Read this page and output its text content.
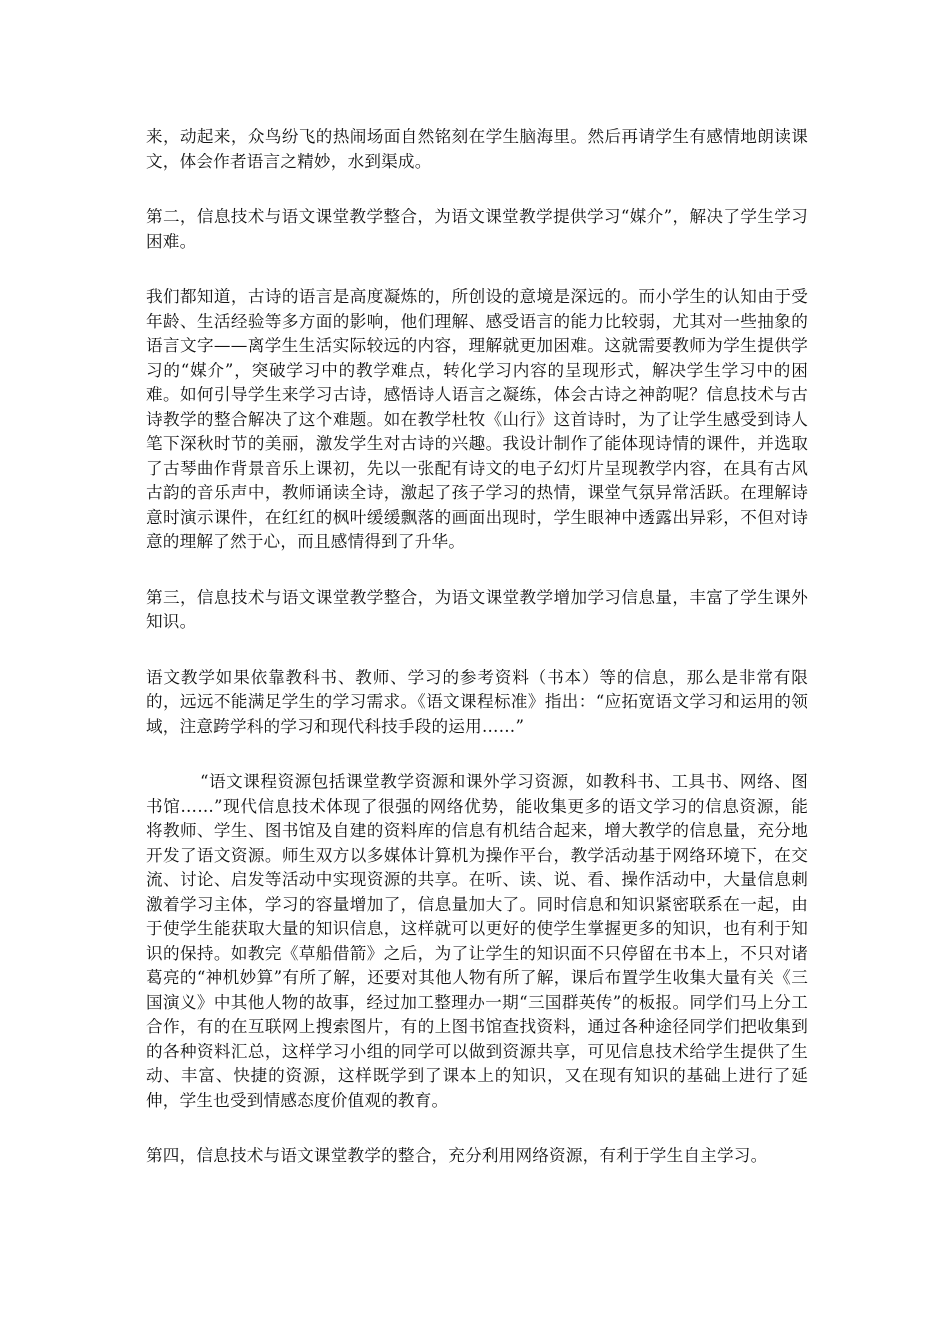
来，动起来，众鸟纷飞的热闹场面自然铭刻在学生脑海里。然后再请学生有感情地朗读课文，体会作者语言之精妙，水到渠成。

第二，信息技术与语文课堂教学整合，为语文课堂教学提供学习“媒介”，解决了学生学习困难。

我们都知道，古诗的语言是高度凝炼的，所创设的意境是深远的。而小学生的认知由于受年龄、生活经验等多方面的影响，他们理解、感受语言的能力比较弱，尤其对一些抽象的语言文字——离学生生活实际较远的内容，理解就更加困难。这就需要教师为学生提供学习的“媒介”，突破学习中的教学难点，转化学习内容的呈现形式，解决学生学习中的困难。如何引导学生来学习古诗，感悟诗人语言之凝练，体会古诗之神韵呢？信息技术与古诗教学的整合解决了这个难题。如在教学杜牧《山行》这首诗时，为了让学生感受到诗人笔下深秋时节的美丽，激发学生对古诗的兴趣。我设计制作了能体现诗情的课件，并选取了古琴曲作背景音乐上课初，先以一张配有诗文的电子幻灯片呈现教学内容，在具有古风古韵的音乐声中，教师诵读全诗，激起了孩子学习的热情，课堂气氛异常活跃。在理解诗意时演示课件，在红红的枫叶缓缓飘落的画面出现时，学生眼神中透露出异彩，不但对诗意的理解了然于心，而且感情得到了升华。

第三，信息技术与语文课堂教学整合，为语文课堂教学增加学习信息量，丰富了学生课外知识。

语文教学如果依靠教科书、教师、学习的参考资料（书本）等的信息，那么是非常有限的，远远不能满足学生的学习需求。《语文课程标准》指出：“应拓宽语文学习和运用的领域，注意跨学科的学习和现代科技手段的运用……”

“语文课程资源包括课堂教学资源和课外学习资源，如教科书、工具书、网络、图书馆……”现代信息技术体现了很强的网络优势，能收集更多的语文学习的信息资源，能将教师、学生、图书馆及自建的资料库的信息有机结合起来，增大教学的信息量，充分地开发了语文资源。师生双方以多媒体计算机为操作平台，教学活动基于网络环境下，在交流、讨论、启发等活动中实现资源的共享。在听、读、说、看、操作活动中，大量信息刺激着学习主体，学习的容量增加了，信息量加大了。同时信息和知识紧密联系在一起，由于使学生能获取大量的知识信息，这样就可以更好的使学生掌握更多的知识，也有利于知识的保持。如教完《草船借箭》之后，为了让学生的知识面不只停留在书本上，不只对诸葛亮的“神机妙算”有所了解，还要对其他人物有所了解，课后布置学生收集大量有关《三国演义》中其他人物的故事，经过加工整理办一期“三国群英传”的板报。同学们马上分工合作，有的在互联网上搜索图片，有的上图书馆查找资料，通过各种途径同学们把收集到的各种资料汇总，这样学习小组的同学可以做到资源共享，可见信息技术给学生提供了生动、丰富、快捷的资源，这样既学到了课本上的知识，又在现有知识的基础上进行了延伸，学生也受到情感态度价值观的教育。

第四，信息技术与语文课堂教学的整合，充分利用网络资源，有利于学生自主学习。
